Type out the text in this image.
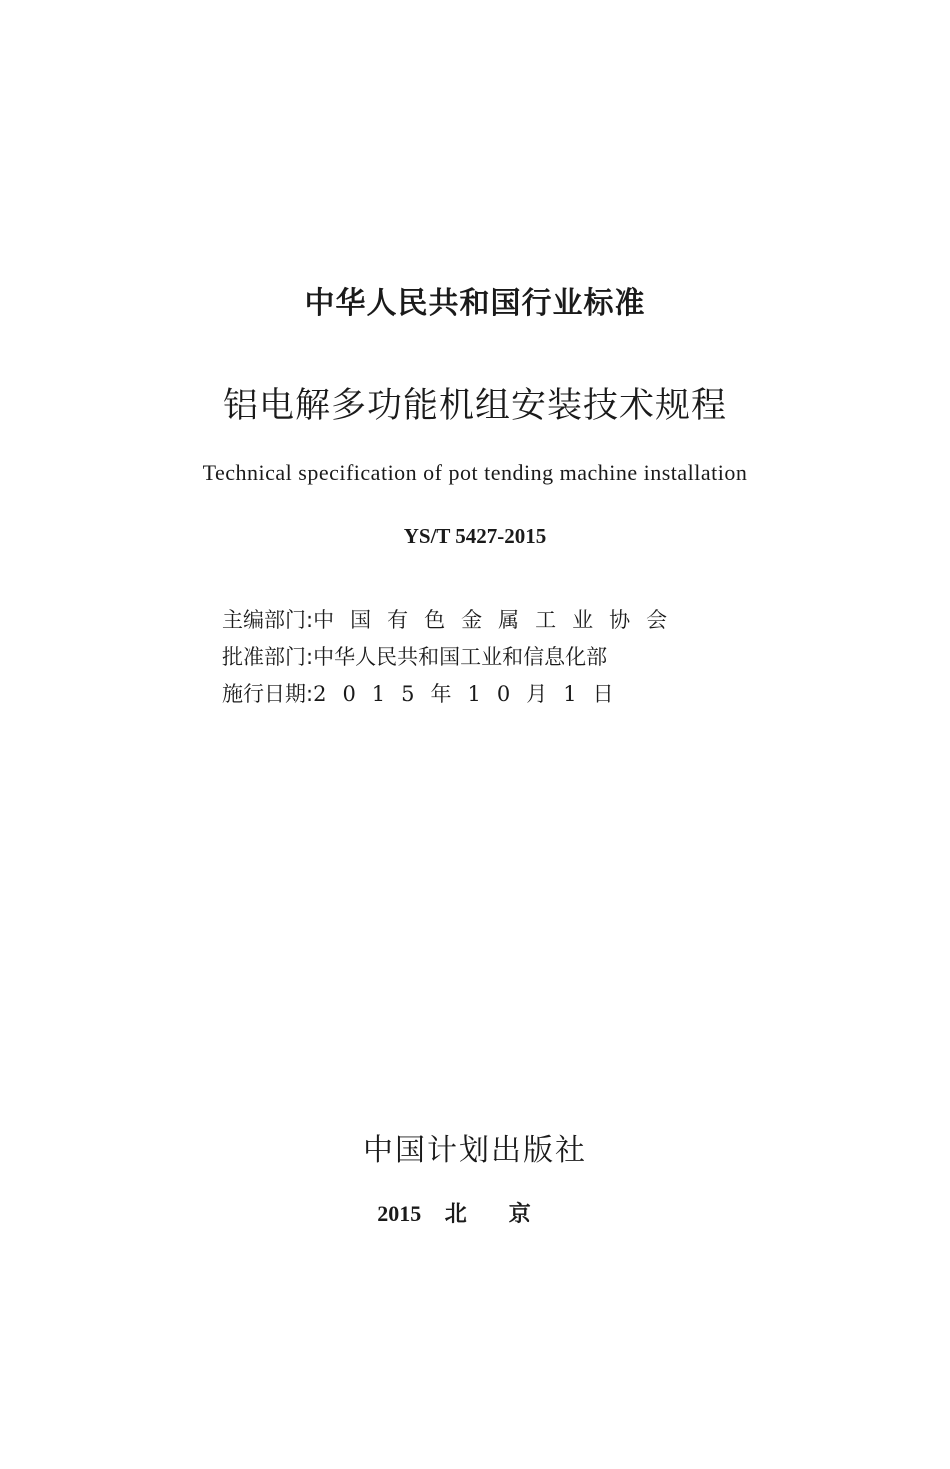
中华人民共和国行业标准
铝电解多功能机组安装技术规程
Technical specification of pot tending machine installation
YS/T 5427-2015
主编部门: 中国有色金属工业协会
批准部门: 中华人民共和国工业和信息化部
施行日期: 2015年10月1日
中国计划出版社
2015 北京
